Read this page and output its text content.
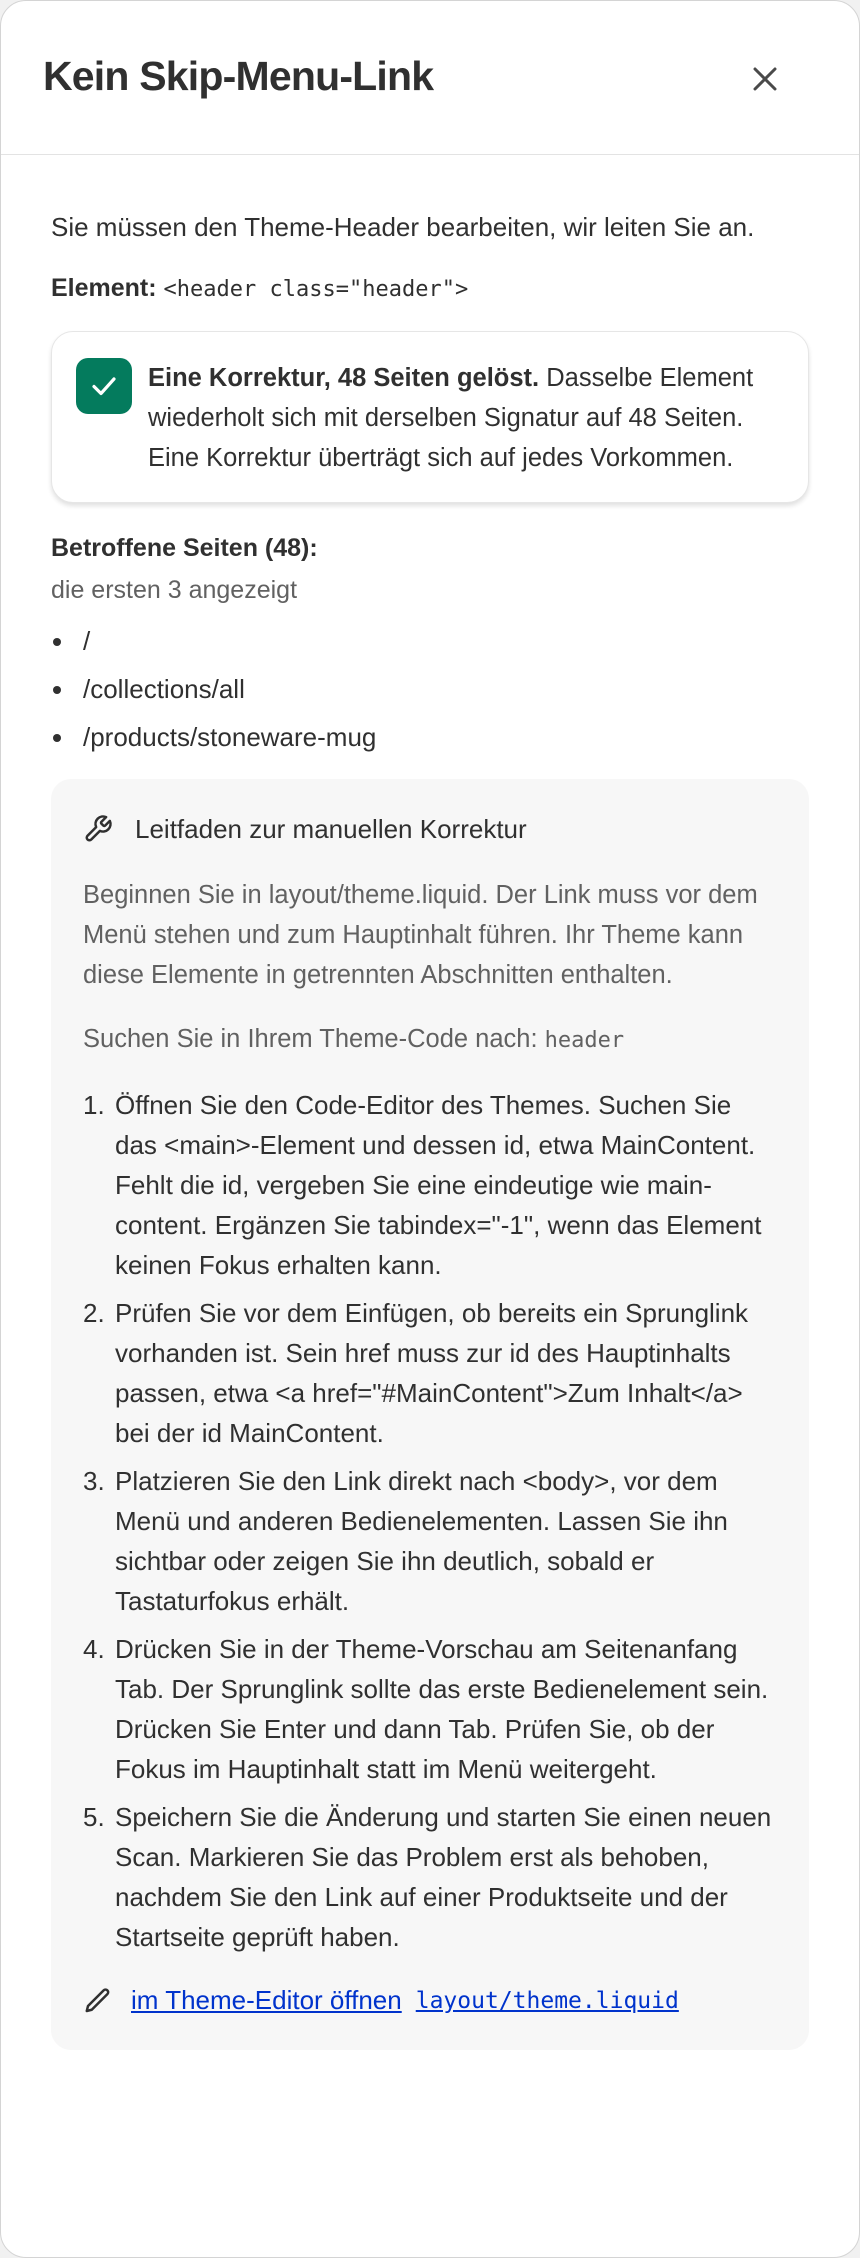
Kein Skip-Menu-Link

Sie müssen den Theme-Header bearbeiten, wir leiten Sie an.

Element: <header class="header">

Eine Korrektur, 48 Seiten gelöst. Dasselbe Element wiederholt sich mit derselben Signatur auf 48 Seiten. Eine Korrektur überträgt sich auf jedes Vorkommen.

Betroffene Seiten (48):

die ersten 3 angezeigt

/
/collections/all
/products/stoneware-mug
Leitfaden zur manuellen Korrektur

Beginnen Sie in layout/theme.liquid. Der Link muss vor dem Menü stehen und zum Hauptinhalt führen. Ihr Theme kann diese Elemente in getrennten Abschnitten enthalten.

Suchen Sie in Ihrem Theme-Code nach: header

1. Öffnen Sie den Code-Editor des Themes. Suchen Sie das <main>-Element und dessen id, etwa MainContent. Fehlt die id, vergeben Sie eine eindeutige wie main-content. Ergänzen Sie tabindex="-1", wenn das Element keinen Fokus erhalten kann.
2. Prüfen Sie vor dem Einfügen, ob bereits ein Sprunglink vorhanden ist. Sein href muss zur id des Hauptinhalts passen, etwa <a href="#MainContent">Zum Inhalt</a> bei der id MainContent.
3. Platzieren Sie den Link direkt nach <body>, vor dem Menü und anderen Bedienelementen. Lassen Sie ihn sichtbar oder zeigen Sie ihn deutlich, sobald er Tastaturfokus erhält.
4. Drücken Sie in der Theme-Vorschau am Seitenanfang Tab. Der Sprunglink sollte das erste Bedienelement sein. Drücken Sie Enter und dann Tab. Prüfen Sie, ob der Fokus im Hauptinhalt statt im Menü weitergeht.
5. Speichern Sie die Änderung und starten Sie einen neuen Scan. Markieren Sie das Problem erst als behoben, nachdem Sie den Link auf einer Produktseite und der Startseite geprüft haben.
im Theme-Editor öffnen layout/theme.liquid
